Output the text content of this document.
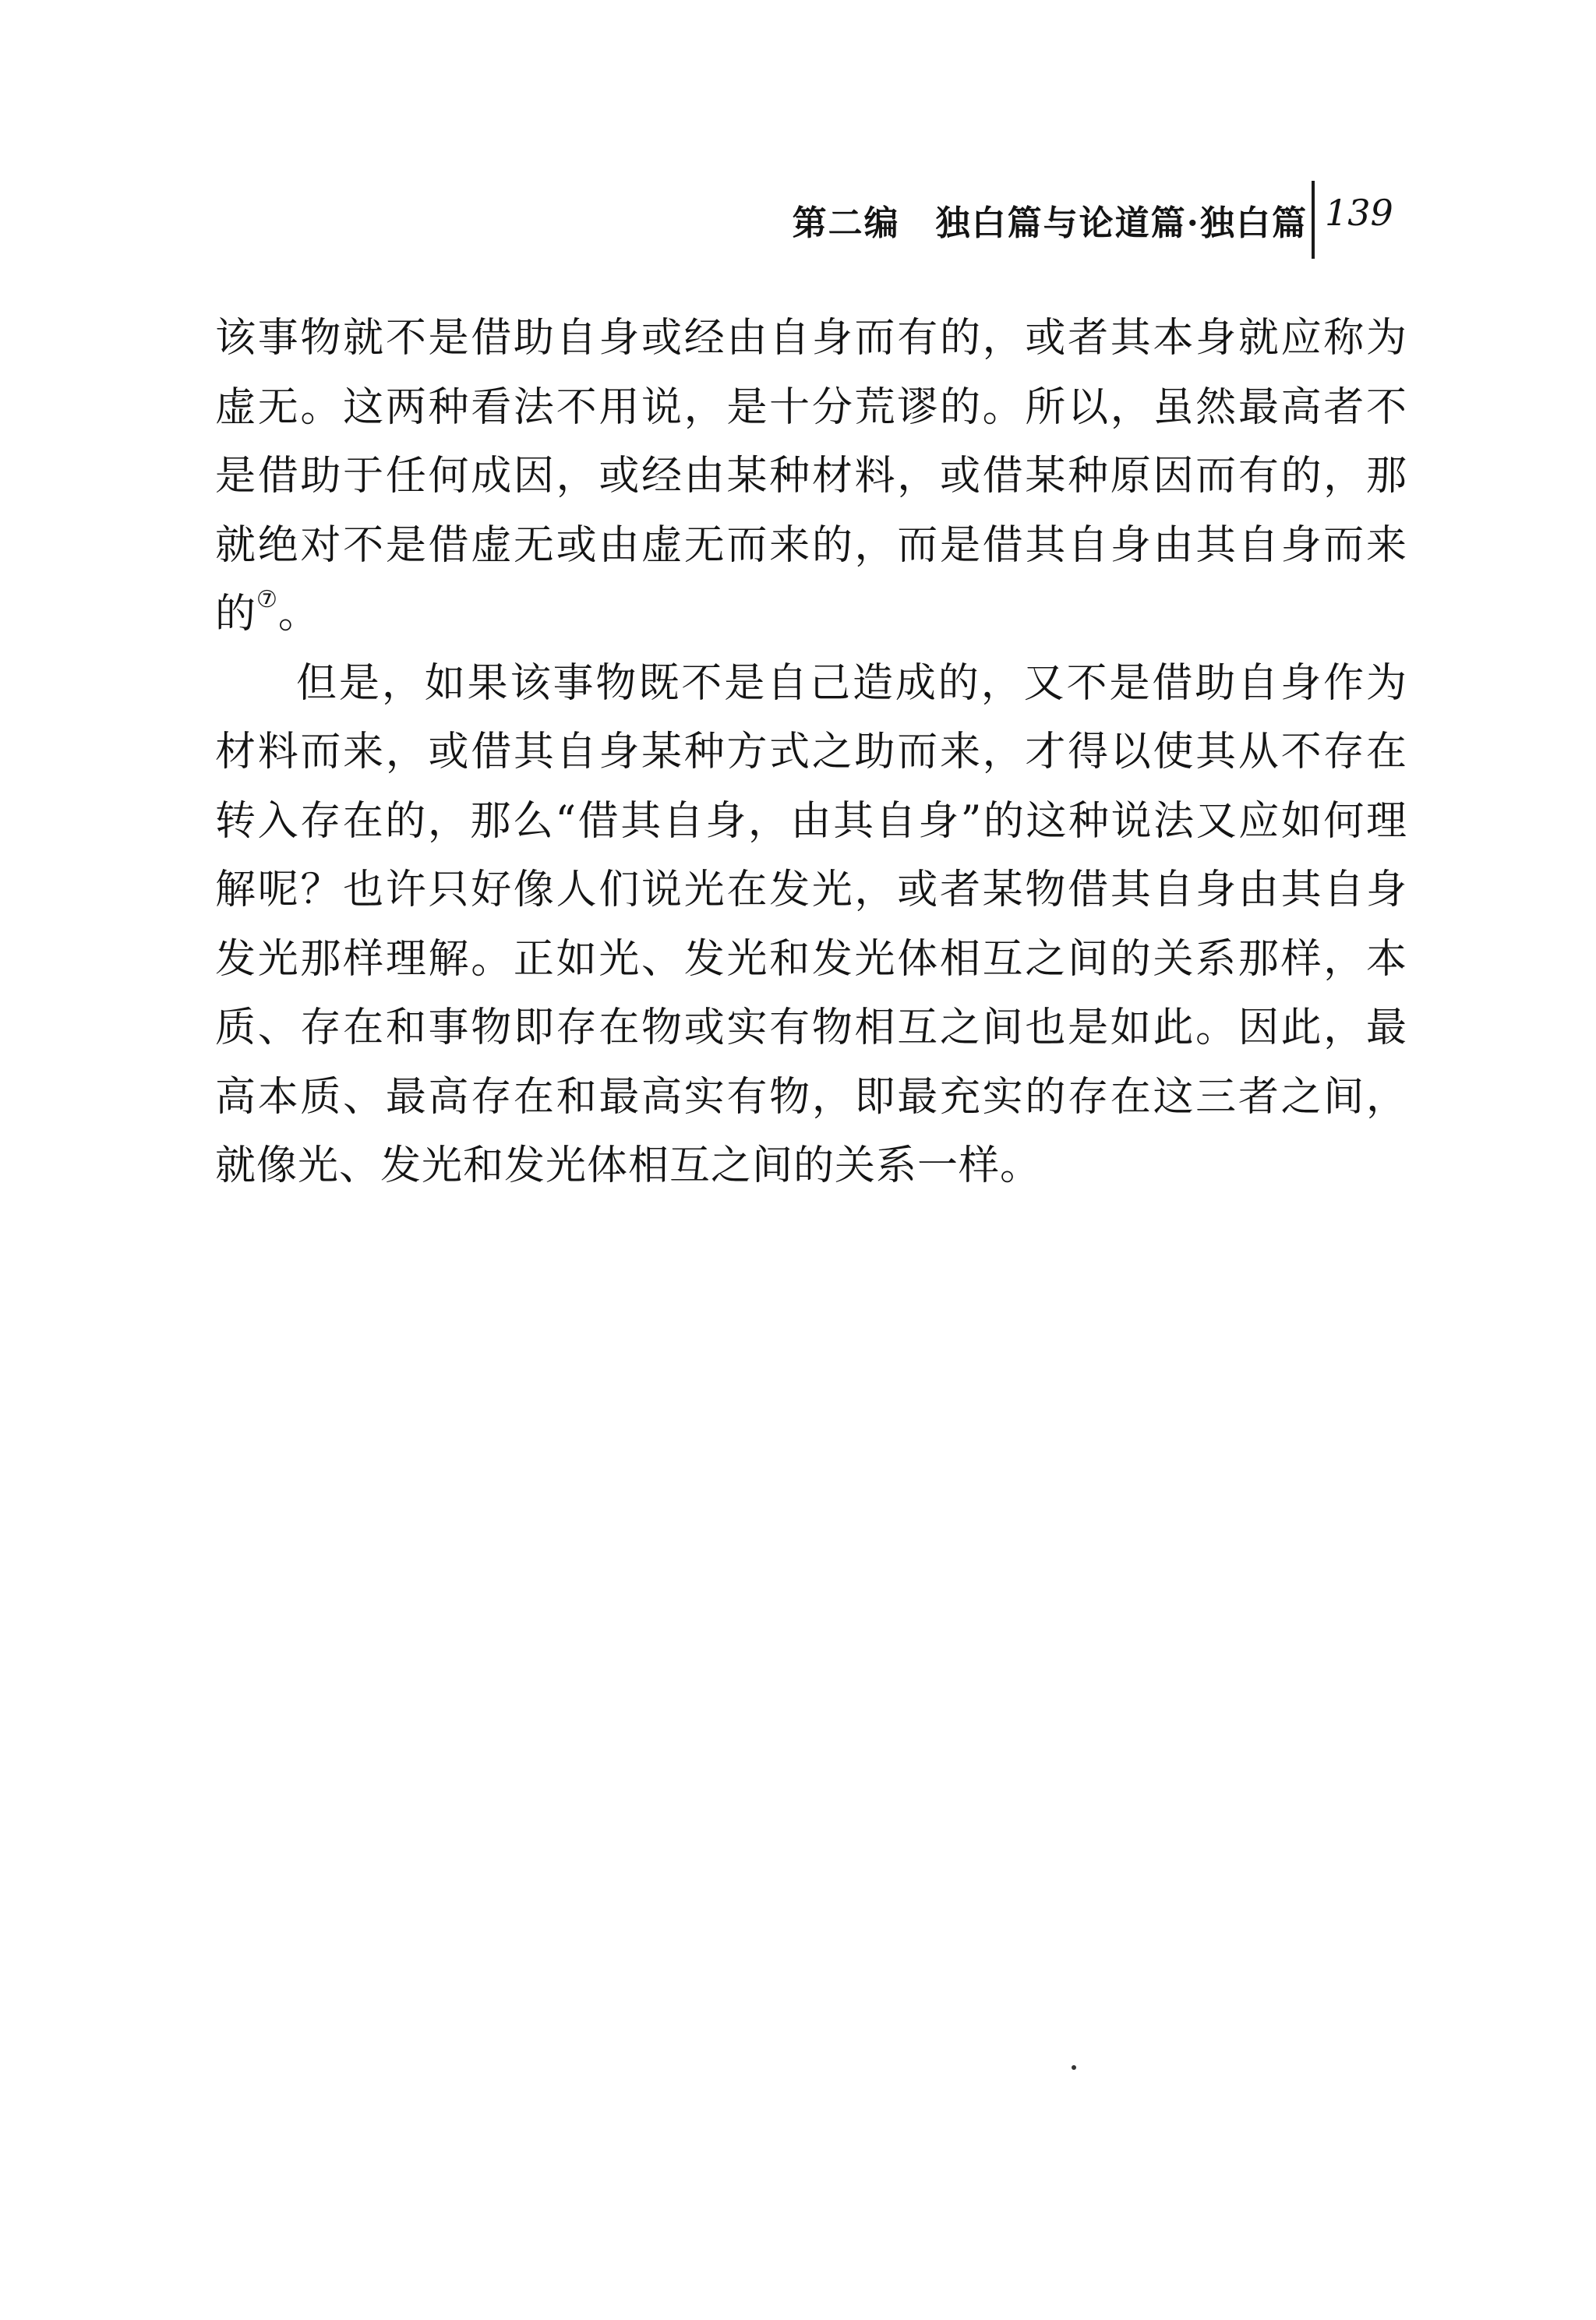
第二编　独白篇与论道篇·独白篇 139

该事物就不是借助自身或经由自身而有的，或者其本身就应称为虚无。这两种看法不用说，是十分荒谬的。所以，虽然最高者不是借助于任何成因，或经由某种材料，或借某种原因而有的，那就绝对不是借虚无或由虚无而来的，而是借其自身由其自身而来的⑦。

但是，如果该事物既不是自己造成的，又不是借助自身作为材料而来，或借其自身某种方式之助而来，才得以使其从不存在转入存在的，那么“借其自身，由其自身”的这种说法又应如何理解呢？也许只好像人们说光在发光，或者某物借其自身由其自身发光那样理解。正如光、发光和发光体相互之间的关系那样，本质、存在和事物即存在物或实有物相互之间也是如此。因此，最高本质、最高存在和最高实有物，即最充实的存在这三者之间，就像光、发光和发光体相互之间的关系一样。
